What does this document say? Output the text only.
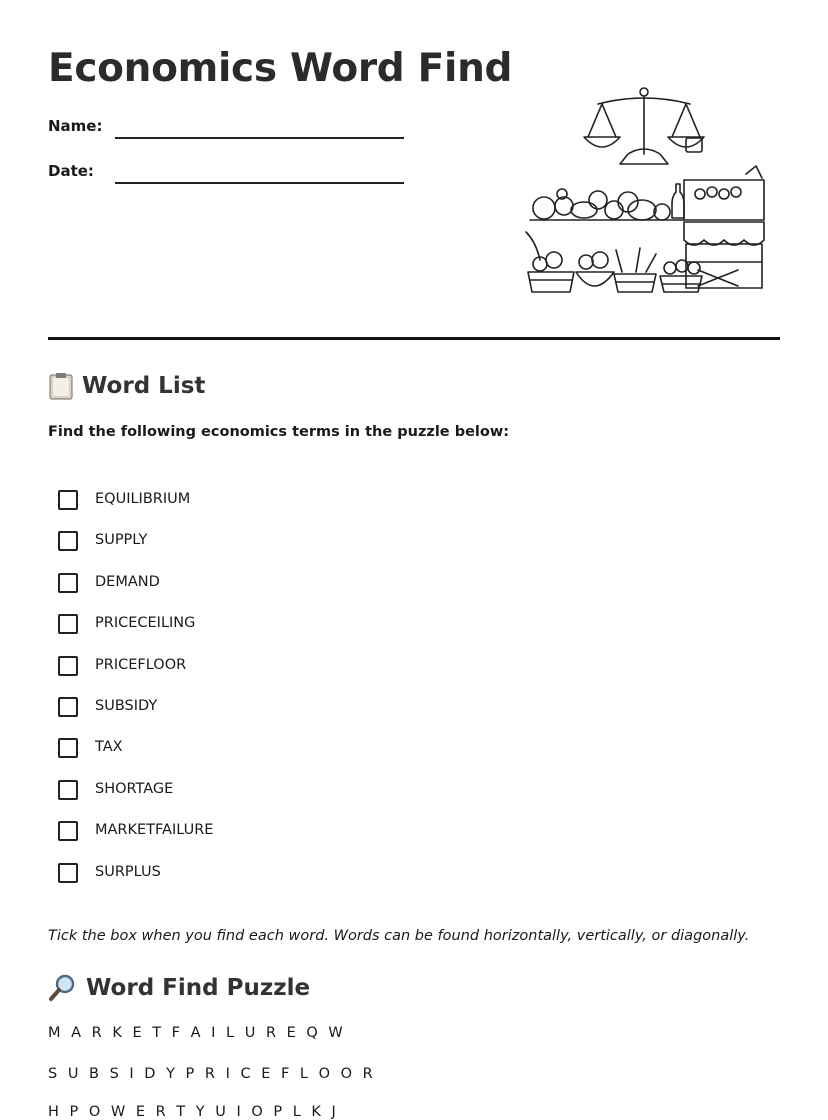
Economics Word Find
Name:
Date:
Word List
Find the following economics terms in the puzzle below:
EQUILIBRIUM
SUPPLY
DEMAND
PRICECEILING
PRICEFLOOR
SUBSIDY
TAX
SHORTAGE
MARKETFAILURE
SURPLUS
Tick the box when you find each word. Words can be found horizontally, vertically, or diagonally.
Word Find Puzzle
M A R K E T F A I L U R E Q W
S U B S I D Y P R I C E F L O O R
H P O W E R T Y U I O P L K J
